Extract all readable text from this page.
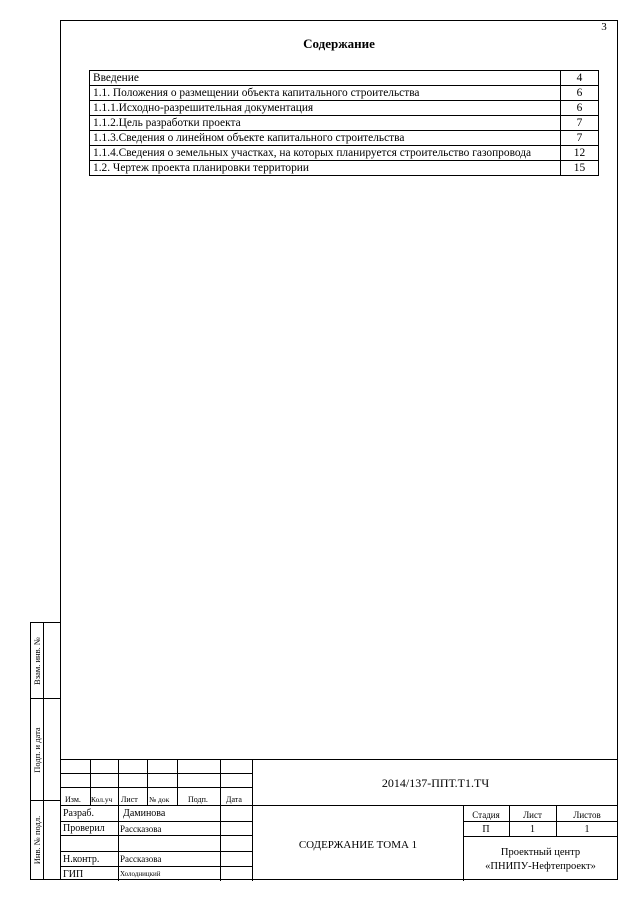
3
Содержание
Введение	4
1.1. Положения о размещении объекта капитального строительства	6
1.1.1.Исходно-разрешительная документация	6
1.1.2.Цель разработки проекта	7
1.1.3.Сведения о линейном объекте капитального строительства	7
1.1.4.Сведения о земельных участках, на которых планируется строительство газопровода	12
1.2. Чертеж проекта планировки территории	15
Взам. инв. №
Подп. и дата
Инв. № подл.
Изм. Кол.уч Лист № док Подп. Дата
2014/137-ППТ.Т1.ТЧ
Разраб.	Даминова
Проверил Рассказова
Н.контр. Рассказова
ГИП	Холодницкий
СОДЕРЖАНИЕ ТОМА 1
Стадия	Лист	Листов
П	1	1
Проектный центр
«ПНИПУ-Нефтепроект»
